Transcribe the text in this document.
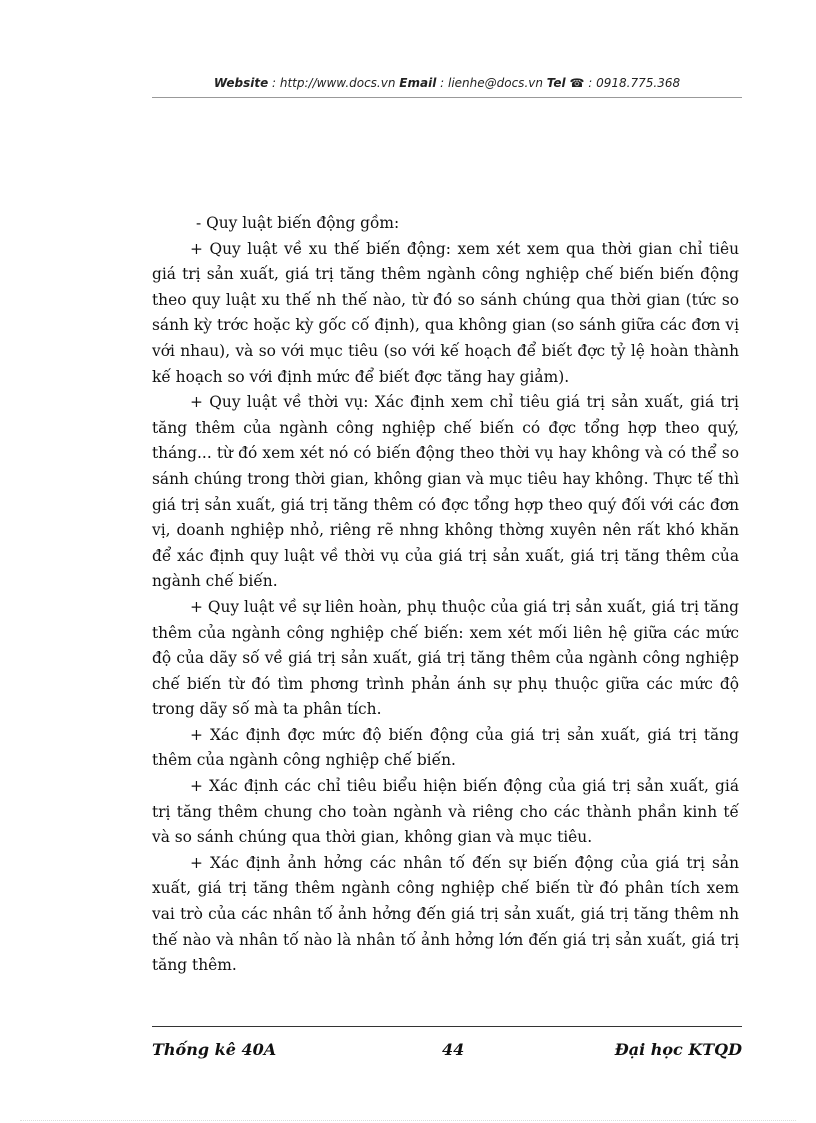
Website : http://www.docs.vn Email : lienhe@docs.vn Tel ☎ : 0918.775.368

- Quy luật biến động gồm:

+ Quy luật về xu thế biến động: xem xét xem qua thời gian chỉ tiêu giá trị sản xuất, giá trị tăng thêm ngành công nghiệp chế biến biến động theo quy luật xu thế nh thế nào, từ đó so sánh chúng qua thời gian (tức so sánh kỳ trớc hoặc kỳ gốc cố định), qua không gian (so sánh giữa các đơn vị với nhau), và so với mục tiêu (so với kế hoạch để biết đợc tỷ lệ hoàn thành kế hoạch so với định mức để biết đợc tăng hay giảm).

+ Quy luật về thời vụ: Xác định xem chỉ tiêu giá trị sản xuất, giá trị tăng thêm của ngành công nghiệp chế biến có đợc tổng hợp theo quý, tháng... từ đó xem xét nó có biến động theo thời vụ hay không và có thể so sánh chúng trong thời gian, không gian và mục tiêu hay không. Thực tế thì giá trị sản xuất, giá trị tăng thêm có đợc tổng hợp theo quý đối với các đơn vị, doanh nghiệp nhỏ, riêng rẽ nhng không thờng xuyên nên rất khó khăn để xác định quy luật về thời vụ của giá trị sản xuất, giá trị tăng thêm của ngành chế biến.

+ Quy luật về sự liên hoàn, phụ thuộc của giá trị sản xuất, giá trị tăng thêm của ngành công nghiệp chế biến: xem xét mối liên hệ giữa các mức độ của dãy số về giá trị sản xuất, giá trị tăng thêm của ngành công nghiệp chế biến từ đó tìm phơng trình phản ánh sự phụ thuộc giữa các mức độ trong dãy số mà ta phân tích.

+ Xác định đợc mức độ biến động của giá trị sản xuất, giá trị tăng thêm của ngành công nghiệp chế biến.

+ Xác định các chỉ tiêu biểu hiện biến động của giá trị sản xuất, giá trị tăng thêm chung cho toàn ngành và riêng cho các thành phần kinh tế và so sánh chúng qua thời gian, không gian và mục tiêu.

+ Xác định ảnh hởng các nhân tố đến sự biến động của giá trị sản xuất, giá trị tăng thêm ngành công nghiệp chế biến từ đó phân tích xem vai trò của các nhân tố ảnh hởng đến giá trị sản xuất, giá trị tăng thêm nh thế nào và nhân tố nào là nhân tố ảnh hởng lớn đến giá trị sản xuất, giá trị tăng thêm.

Thống kê 40A	44	Đại học KTQD
